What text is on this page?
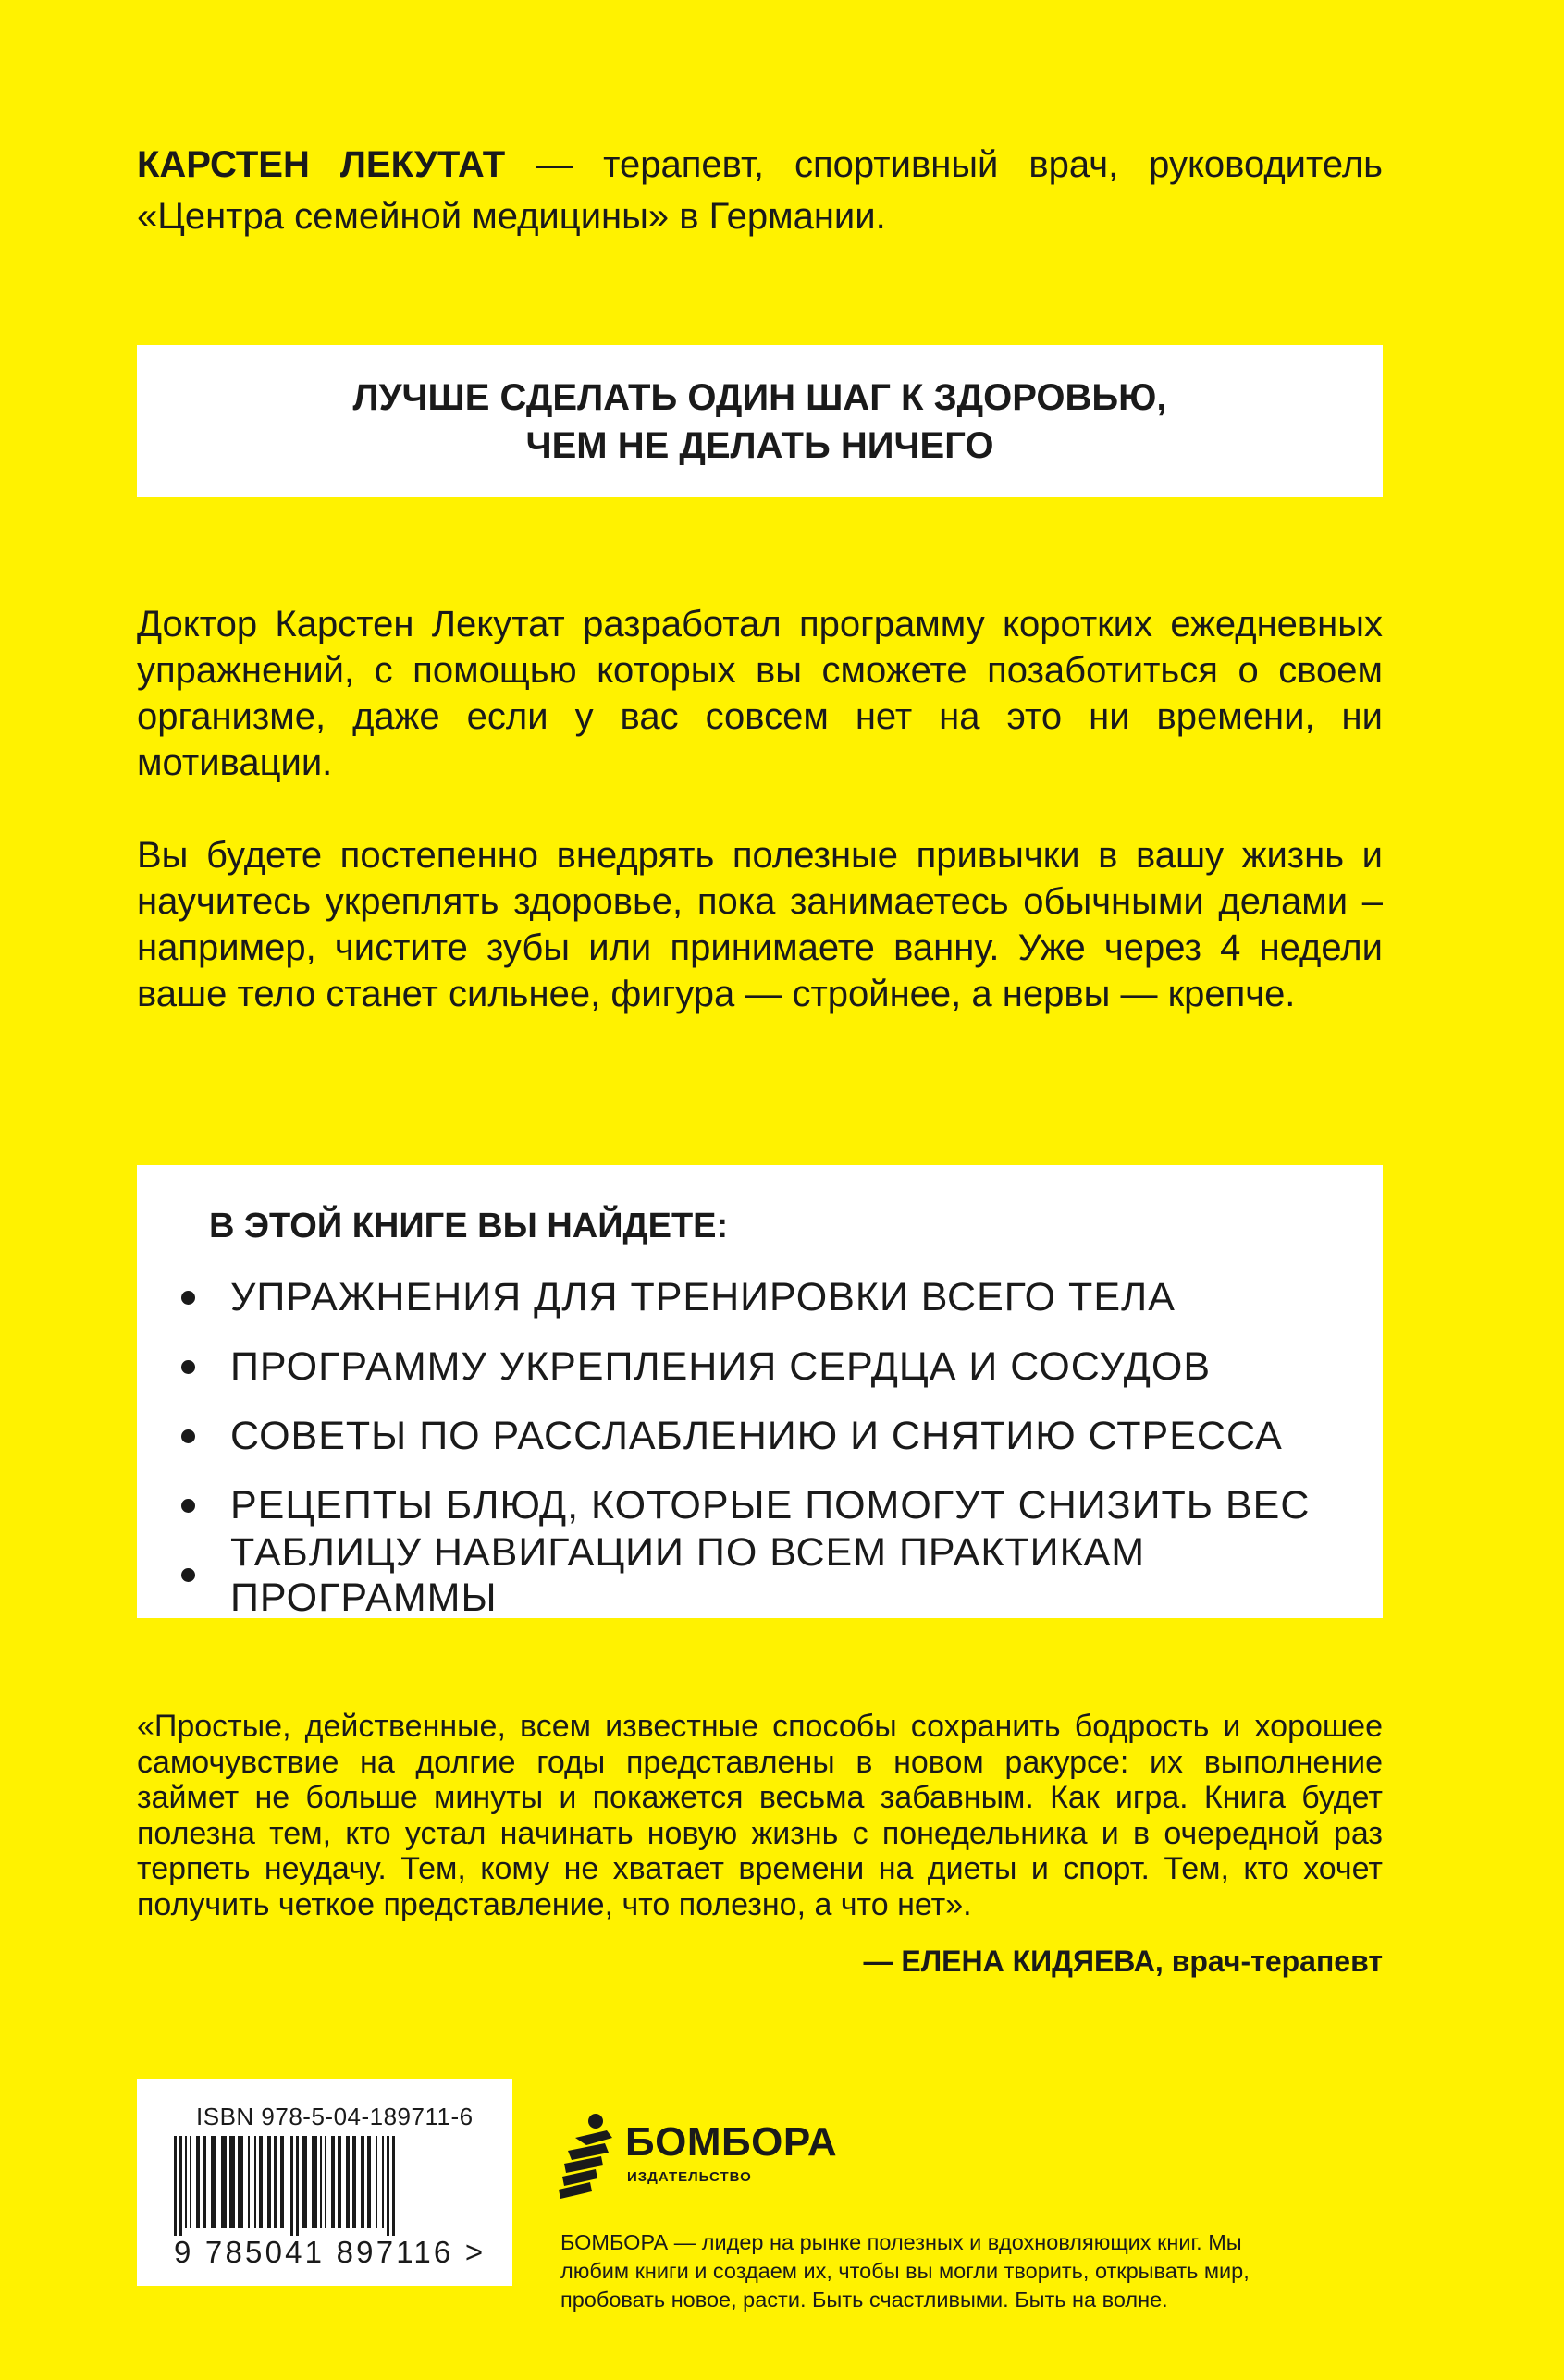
КАРСТЕН ЛЕКУТАТ — терапевт, спортивный врач, руководитель «Центра семейной медицины» в Германии.
ЛУЧШЕ СДЕЛАТЬ ОДИН ШАГ К ЗДОРОВЬЮ,
ЧЕМ НЕ ДЕЛАТЬ НИЧЕГО
Доктор Карстен Лекутат разработал программу коротких ежедневных упражнений, с помощью которых вы сможете позаботиться о своем организме, даже если у вас совсем нет на это ни времени, ни мотивации.
Вы будете постепенно внедрять полезные привычки в вашу жизнь и научитесь укреплять здоровье, пока занимаетесь обычными делами – например, чистите зубы или принимаете ванну. Уже через 4 недели ваше тело станет сильнее, фигура — стройнее, а нервы — крепче.
В ЭТОЙ КНИГЕ ВЫ НАЙДЕТЕ:
УПРАЖНЕНИЯ ДЛЯ ТРЕНИРОВКИ ВСЕГО ТЕЛА
ПРОГРАММУ УКРЕПЛЕНИЯ СЕРДЦА И СОСУДОВ
СОВЕТЫ ПО РАССЛАБЛЕНИЮ И СНЯТИЮ СТРЕССА
РЕЦЕПТЫ БЛЮД, КОТОРЫЕ ПОМОГУТ СНИЗИТЬ ВЕС
ТАБЛИЦУ НАВИГАЦИИ ПО ВСЕМ ПРАКТИКАМ ПРОГРАММЫ
«Простые, действенные, всем известные способы сохранить бодрость и хорошее самочувствие на долгие годы представлены в новом ракурсе: их выполнение займет не больше минуты и покажется весьма забавным. Как игра. Книга будет полезна тем, кто устал начинать новую жизнь с понедельника и в очередной раз терпеть неудачу. Тем, кому не хватает времени на диеты и спорт. Тем, кто хочет получить четкое представление, что полезно, а что нет».
— ЕЛЕНА КИДЯЕВА, врач-терапевт
ISBN 978-5-04-189711-6
9 785041 897116 >
БОМБОРА
ИЗДАТЕЛЬСТВО
БОМБОРА — лидер на рынке полезных и вдохновляющих книг. Мы любим книги и создаем их, чтобы вы могли творить, открывать мир, пробовать новое, расти. Быть счастливыми. Быть на волне.
